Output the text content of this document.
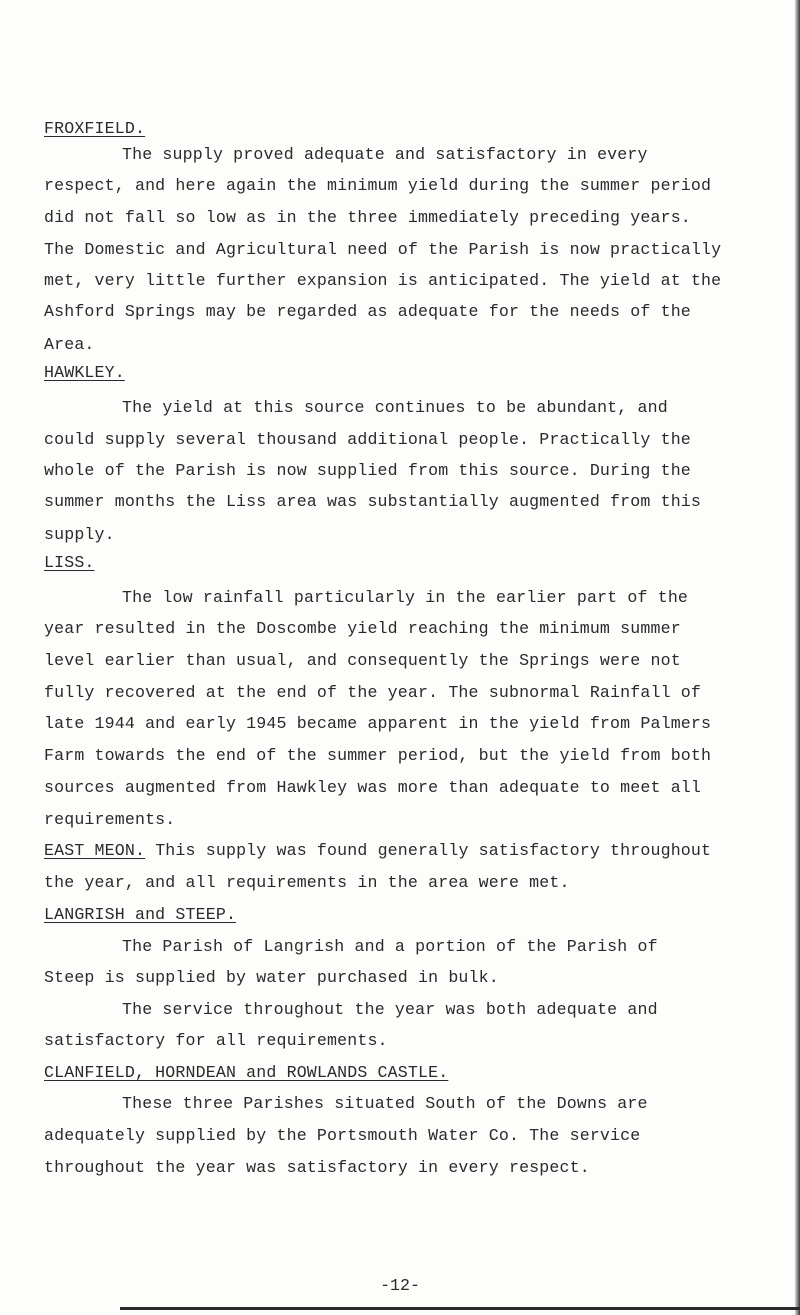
FROXFIELD.
The supply proved adequate and satisfactory in every
respect, and here again the minimum yield during the summer period
did not fall so low as in the three immediately preceding years.
The Domestic and Agricultural need of the Parish is now practically
met, very little further expansion is anticipated. The yield at the
Ashford Springs may be regarded as adequate for the needs of the
Area.
HAWKLEY.
The yield at this source continues to be abundant, and
could supply several thousand additional people. Practically the
whole of the Parish is now supplied from this source. During the
summer months the Liss area was substantially augmented from this
supply.
LISS.
The low rainfall particularly in the earlier part of the
year resulted in the Doscombe yield reaching the minimum summer
level earlier than usual, and consequently the Springs were not
fully recovered at the end of the year. The subnormal Rainfall of
late 1944 and early 1945 became apparent in the yield from Palmers
Farm towards the end of the summer period, but the yield from both
sources augmented from Hawkley was more than adequate to meet all
requirements.
EAST MEON. This supply was found generally satisfactory throughout
the year, and all requirements in the area were met.
LANGRISH and STEEP.
The Parish of Langrish and a portion of the Parish of
Steep is supplied by water purchased in bulk.
The service throughout the year was both adequate and
satisfactory for all requirements.
CLANFIELD, HORNDEAN and ROWLANDS CASTLE.
These three Parishes situated South of the Downs are
adequately supplied by the Portsmouth Water Co. The service
throughout the year was satisfactory in every respect.
-12-
